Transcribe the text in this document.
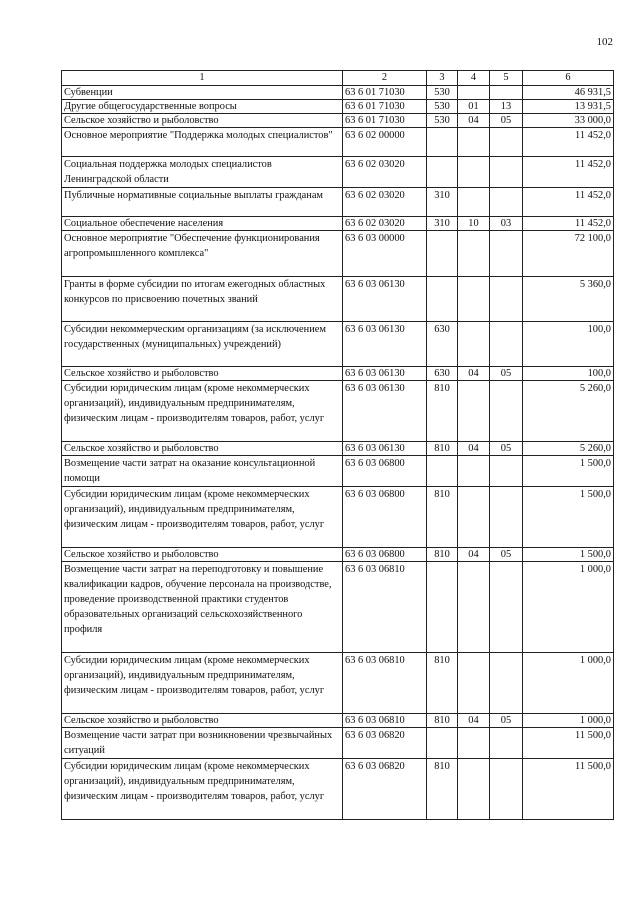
102
1	2	3	4	5	6
Субвенции	63 6 01 71030	530			46 931,5
Другие общегосударственные вопросы	63 6 01 71030	530	01	13	13 931,5
Сельское хозяйство и рыболовство	63 6 01 71030	530	04	05	33 000,0
Основное мероприятие "Поддержка молодых специалистов"	63 6 02 00000				11 452,0
Социальная поддержка молодых специалистов Ленинградской области	63 6 02 03020				11 452,0
Публичные нормативные социальные выплаты гражданам	63 6 02 03020	310			11 452,0
Социальное обеспечение населения	63 6 02 03020	310	10	03	11 452,0
Основное мероприятие "Обеспечение функционирования агропромышленного комплекса"	63 6 03 00000				72 100,0
Гранты в форме субсидии по итогам ежегодных областных конкурсов по присвоению почетных званий	63 6 03 06130				5 360,0
Субсидии некоммерческим организациям (за исключением государственных (муниципальных) учреждений)	63 6 03 06130	630			100,0
Сельское хозяйство и рыболовство	63 6 03 06130	630	04	05	100,0
Субсидии юридическим лицам (кроме некоммерческих организаций), индивидуальным предпринимателям, физическим лицам - производителям товаров, работ, услуг	63 6 03 06130	810			5 260,0
Сельское хозяйство и рыболовство	63 6 03 06130	810	04	05	5 260,0
Возмещение части затрат на оказание консультационной помощи	63 6 03 06800				1 500,0
Субсидии юридическим лицам (кроме некоммерческих организаций), индивидуальным предпринимателям, физическим лицам - производителям товаров, работ, услуг	63 6 03 06800	810			1 500,0
Сельское хозяйство и рыболовство	63 6 03 06800	810	04	05	1 500,0
Возмещение части затрат на переподготовку и повышение квалификации кадров, обучение персонала на производстве, проведение производственной практики студентов образовательных организаций сельскохозяйственного профиля	63 6 03 06810				1 000,0
Субсидии юридическим лицам (кроме некоммерческих организаций), индивидуальным предпринимателям, физическим лицам - производителям товаров, работ, услуг	63 6 03 06810	810			1 000,0
Сельское хозяйство и рыболовство	63 6 03 06810	810	04	05	1 000,0
Возмещение части затрат при возникновении чрезвычайных ситуаций	63 6 03 06820				11 500,0
Субсидии юридическим лицам (кроме некоммерческих организаций), индивидуальным предпринимателям, физическим лицам - производителям товаров, работ, услуг	63 6 03 06820	810			11 500,0
